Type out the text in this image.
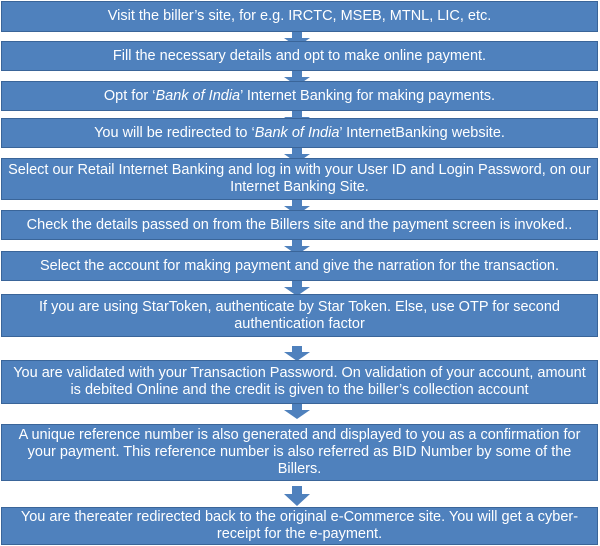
Visit the biller’s site, for e.g. IRCTC, MSEB, MTNL, LIC, etc.
Fill the necessary details and opt to make online payment.
Opt for ‘Bank of India’ Internet Banking for making payments.
You will be redirected to ‘Bank of India’ InternetBanking website.
Select our Retail Internet Banking and log in with your User ID and Login Password, on our Internet Banking Site.
Check the details passed on from the Billers site and the payment screen is invoked..
Select the account for making payment and give the narration for the transaction.
If you are using StarToken, authenticate by Star Token. Else, use OTP for second authentication factor
You are validated with your Transaction Password. On validation of your account, amount is debited Online and the credit is given to the biller’s collection account
A unique reference number is also generated and displayed to you as a confirmation for your payment. This reference number is also referred as BID Number by some of the Billers.
You are thereater redirected back to the original e-Commerce site. You will get a cyber-receipt for the e-payment.
